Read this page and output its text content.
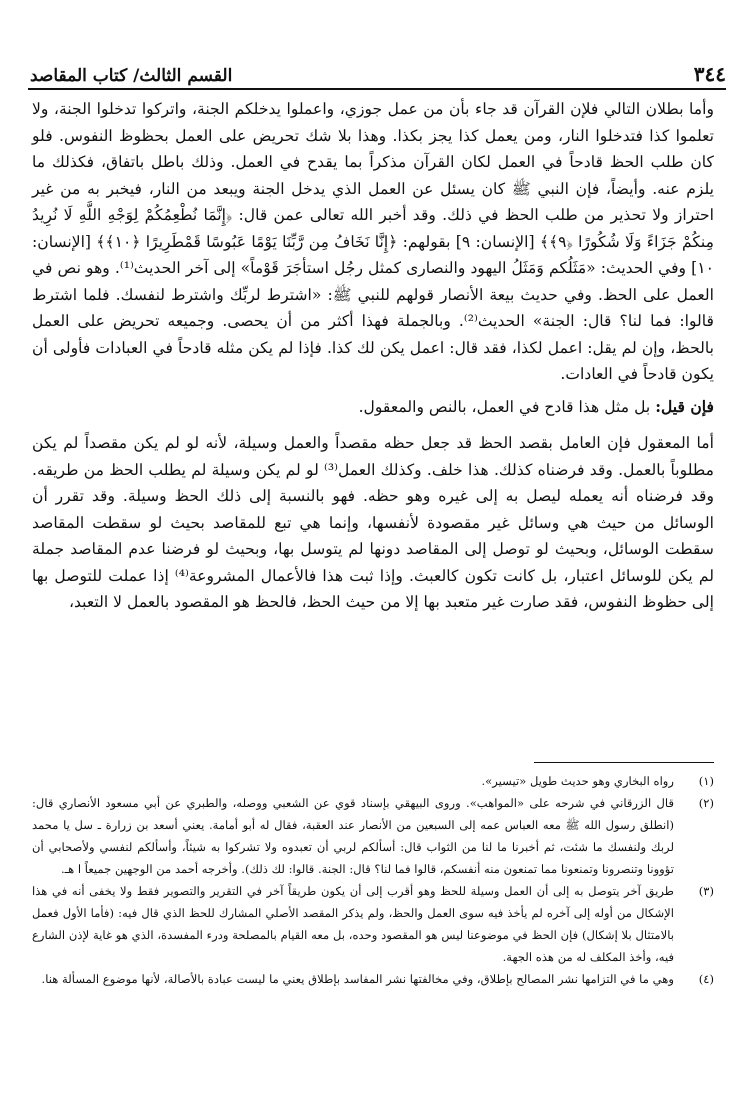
٣٤٤
القسم الثالث/ كتاب المقاصد

وأما بطلان التالي فلإن القرآن قد جاء بأن من عمل جوزي، واعملوا يدخلكم الجنة، واتركوا تدخلوا الجنة، ولا تعلموا كذا فتدخلوا النار، ومن يعمل كذا يجز بكذا. وهذا بلا شك تحريض على العمل بحظوظ النفوس. فلو كان طلب الحظ قادحاً في العمل لكان القرآن مذكراً بما يقدح في العمل. وذلك باطل باتفاق، فكذلك ما يلزم عنه. وأيضاً، فإن النبي ﷺ كان يسئل عن العمل الذي يدخل الجنة ويبعد من النار، فيخبر به من غير احتراز ولا تحذير من طلب الحظ في ذلك. وقد أخبر الله تعالى عمن قال: ﴿إِنَّمَا نُطْعِمُكُمْ لِوَجْهِ اللَّهِ لَا نُرِيدُ مِنكُمْ جَزَاءً وَلَا شُكُورًا ﴿٩﴾﴾ [الإنسان: ٩] بقولهم: ﴿إِنَّا نَخَافُ مِن رَّبِّنَا يَوْمًا عَبُوسًا قَمْطَرِيرًا ﴿١٠﴾﴾ [الإنسان: ١٠] وفي الحديث: «مَثَلُكم وَمَثَلُ اليهود والنصارى كمثل رجُل استأجَرَ قَوْماً» إلى آخر الحديث⁽¹⁾. وهو نص في العمل على الحظ. وفي حديث بيعة الأنصار قولهم للنبي ﷺ: «اشترط لربِّك واشترط لنفسك. فلما اشترط قالوا: فما لنا؟ قال: الجنة» الحديث⁽²⁾. وبالجملة فهذا أكثر من أن يحصى. وجميعه تحريض على العمل بالحظ، وإن لم يقل: اعمل لكذا، فقد قال: اعمل يكن لك كذا. فإذا لم يكن مثله قادحاً في العبادات فأولى أن يكون قادحاً في العادات.

فإن قيل: بل مثل هذا قادح في العمل، بالنص والمعقول.

أما المعقول فإن العامل بقصد الحظ قد جعل حظه مقصداً والعمل وسيلة، لأنه لو لم يكن مقصداً لم يكن مطلوباً بالعمل. وقد فرضناه كذلك. هذا خلف. وكذلك العمل⁽³⁾ لو لم يكن وسيلة لم يطلب الحظ من طريقه. وقد فرضناه أنه يعمله ليصل به إلى غيره وهو حظه. فهو بالنسبة إلى ذلك الحظ وسيلة. وقد تقرر أن الوسائل من حيث هي وسائل غير مقصودة لأنفسها، وإنما هي تبع للمقاصد بحيث لو سقطت المقاصد سقطت الوسائل، وبحيث لو توصل إلى المقاصد دونها لم يتوسل بها، وبحيث لو فرضنا عدم المقاصد جملة لم يكن للوسائل اعتبار، بل كانت تكون كالعبث. وإذا ثبت هذا فالأعمال المشروعة⁽⁴⁾ إذا عملت للتوصل بها إلى حظوظ النفوس، فقد صارت غير متعبد بها إلا من حيث الحظ، فالحظ هو المقصود بالعمل لا التعبد،

(١)
رواه البخاري وهو حديث طويل «تيسير».
(٢)
قال الزرقاني في شرحه على «المواهب». وروى البيهقي بإسناد قوي عن الشعبي ووصله، والطبري عن أبي مسعود الأنصاري قال: (انطلق رسول الله ﷺ معه العباس عمه إلى السبعين من الأنصار عند العقبة، فقال له أبو أمامة. يعني أسعد بن زرارة ـ سل يا محمد لربك ولنفسك ما شئت، ثم أخبرنا ما لنا من الثواب قال: أسألكم لربي أن تعبدوه ولا تشركوا به شيئاً، وأسألكم لنفسي ولأصحابي أن تؤوونا وتنصرونا وتمنعونا مما تمنعون منه أنفسكم، قالوا فما لنا؟ قال: الجنة. قالوا: لك ذلك). وأخرجه أحمد من الوجهين جميعاً ا هـ.
(٣)
طريق آخر يتوصل به إلى أن العمل وسيلة للحظ وهو أقرب إلى أن يكون طريقاً آخر في التقرير والتصوير فقط ولا يخفى أنه في هذا الإشكال من أوله إلى آخره لم يأخذ فيه سوى العمل والحظ، ولم يذكر المقصد الأصلي المشارك للحظ الذي قال فيه: (فأما الأول فعمل بالامتثال بلا إشكال) فإن الحظ في موضوعنا ليس هو المقصود وحده، بل معه القيام بالمصلحة ودرء المفسدة، الذي هو غاية لإذن الشارع فيه، وأخذ المكلف له من هذه الجهة.
(٤)
وهي ما في التزامها نشر المصالح بإطلاق، وفي مخالفتها نشر المفاسد بإطلاق يعني ما ليست عبادة بالأصالة، لأنها موضوع المسألة هنا.
